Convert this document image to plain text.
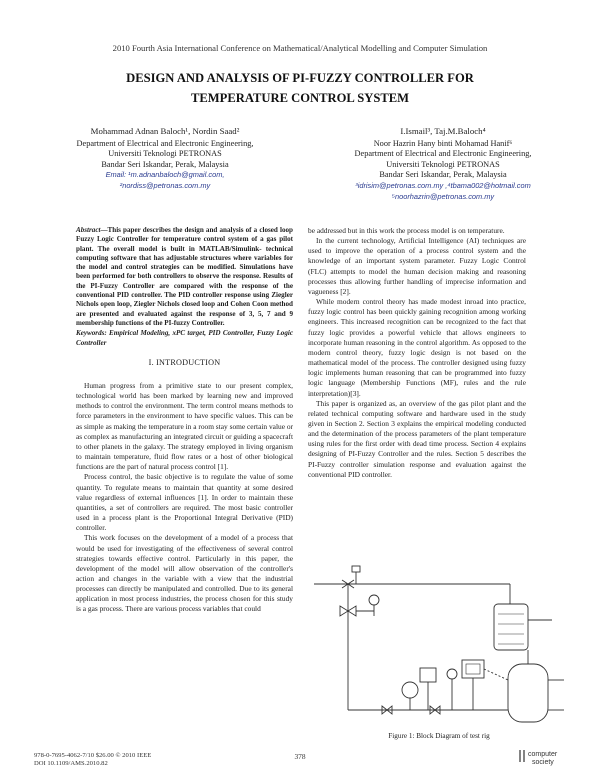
2010 Fourth Asia International Conference on Mathematical/Analytical Modelling and Computer Simulation
DESIGN AND ANALYSIS OF PI-FUZZY CONTROLLER FOR
TEMPERATURE CONTROL SYSTEM
Mohammad Adnan Baloch¹, Nordin Saad²
Department of Electrical and Electronic Engineering,
Universiti Teknologi PETRONAS
Bandar Seri Iskandar, Perak, Malaysia
Email: ¹m.adnanbaloch@gmail.com,
²nordiss@petronas.com.my
I.Ismail³, Taj.M.Baloch⁴
Noor Hazrin Hany binti Mohamad Hanif⁶
Department of Electrical and Electronic Engineering,
Universiti Teknologi PETRONAS
Bandar Seri Iskandar, Perak, Malaysia
³idrisim@petronas.com.my ,⁴tbama002@hotmail.com
⁵noorhazrin@petronas.com.my
Abstract—This paper describes the design and analysis of a closed loop Fuzzy Logic Controller for temperature control system of a gas pilot plant. The overall model is built in MATLAB/Simulink- technical computing software that has adjustable structures where variables for the model and control strategies can be modified. Simulations have been performed for both controllers to observe the response. Results of the PI-Fuzzy Controller are compared with the response of the conventional PID controller. The PID controller response using Ziegler Nichols open loop, Ziegler Nichols closed loop and Cohen Coon method are presented and evaluated against the response of 3, 5, 7 and 9 membership functions of the PI-fuzzy Controller.
Keywords: Empirical Modeling, xPC target, PID Controller, Fuzzy Logic Controller
I. INTRODUCTION

Human progress from a primitive state to our present complex, technological world has been marked by learning new and improved methods to control the environment. The term control means methods to force parameters in the environment to have specific values. This can be as simple as making the temperature in a room stay some certain value or as complex as manufacturing an integrated circuit or guiding a spacecraft to other planets in the galaxy. The strategy employed in living organism to maintain temperature, fluid flow rates or a host of other biological functions are the part of natural process control [1].

Process control, the basic objective is to regulate the value of some quantity. To regulate means to maintain that quantity at some desired value regardless of external influences [1]. In order to maintain these quantities, a set of controllers are required. The most basic controller used in a process plant is the Proportional Integral Derivative (PID) controller.

This work focuses on the development of a model of a process that would be used for investigating of the effectiveness of several control strategies towards effective control. Particularly in this paper, the development of the model will allow observation of the controller's action and changes in the variable with a view that the industrial processes can directly be manipulated and controlled. Due to its general application in most process industries, the process chosen for this study is a gas process. There are various process variables that could

be addressed but in this work the process model is on temperature.

In the current technology, Artificial Intelligence (AI) techniques are used to improve the operation of a process control system and the knowledge of an important system parameter. Fuzzy Logic Control (FLC) attempts to model the human decision making and reasoning processes thus allowing further handling of imprecise information and vagueness [2].

While modern control theory has made modest inroad into practice, fuzzy logic control has been quickly gaining recognition among working engineers. This increased recognition can be recognized to the fact that fuzzy logic provides a powerful vehicle that allows engineers to incorporate human reasoning in the control algorithm. As opposed to the modern control theory, fuzzy logic design is not based on the mathematical model of the process. The controller designed using fuzzy logic implements human reasoning that can be programmed into fuzzy logic language (Membership Functions (MF), rules and the rule interpretation)[3].

This paper is organized as, an overview of the gas pilot plant and the related technical computing software and hardware used in the study given in Section 2. Section 3 explains the empirical modeling conducted and the determination of the process parameters of the plant temperature using rules for the first order with dead time process. Section 4 explains designing of PI-Fuzzy Controller and the rules. Section 5 describes the PI-Fuzzy controller simulation response and evaluation against the conventional PID controller.

Figure 1: Block Diagram of test rig
978-0-7695-4062-7/10 $26.00 © 2010 IEEE
DOI 10.1109/AMS.2010.82
378	computer
society
